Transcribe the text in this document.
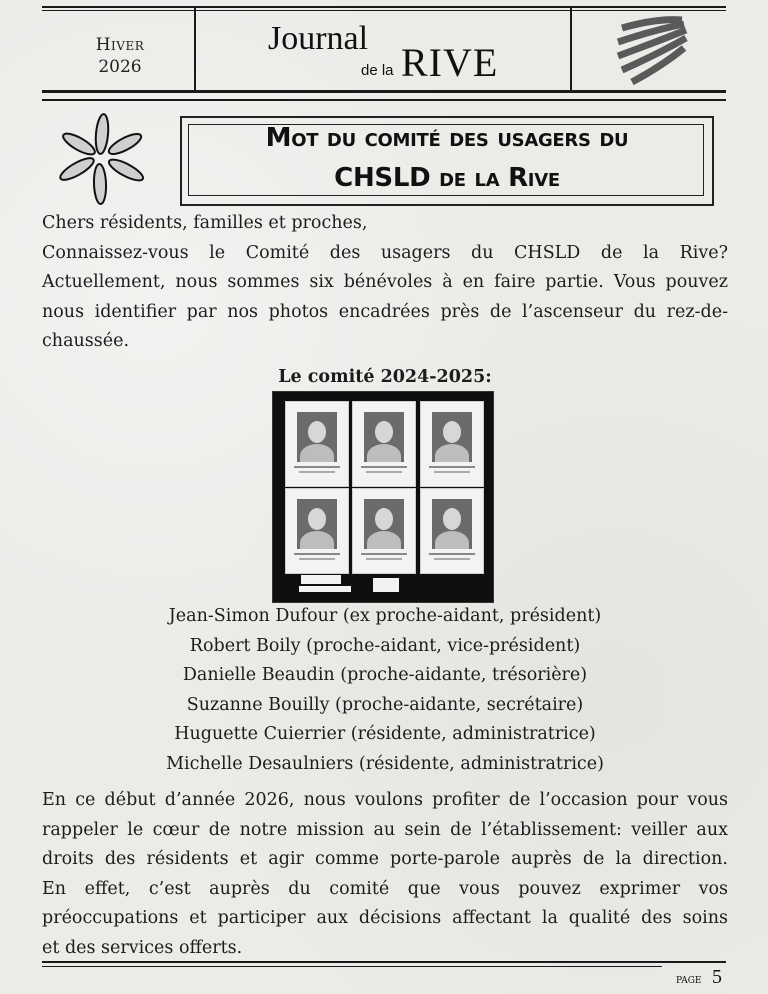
Hiver
2026
Journal
de la RIVE
Mot du comité des usagers du
CHSLD de la Rive
Chers résidents, familles et proches,
Connaissez-vous le Comité des usagers du CHSLD de la Rive?
Actuellement, nous sommes six bénévoles à en faire partie. Vous pouvez
nous identifier par nos photos encadrées près de l’ascenseur du rez-de-
chaussée.
Le comité 2024-2025:
Jean-Simon Dufour (ex proche-aidant, président)
Robert Boily (proche-aidant, vice-président)
Danielle Beaudin (proche-aidante, trésorière)
Suzanne Bouilly (proche-aidante, secrétaire)
Huguette Cuierrier (résidente, administratrice)
Michelle Desaulniers (résidente, administratrice)
En ce début d’année 2026, nous voulons profiter de l’occasion pour vous
rappeler le cœur de notre mission au sein de l’établissement: veiller aux
droits des résidents et agir comme porte-parole auprès de la direction.
En effet, c’est auprès du comité que vous pouvez exprimer vos
préoccupations et participer aux décisions affectant la qualité des soins
et des services offerts.
page 5
